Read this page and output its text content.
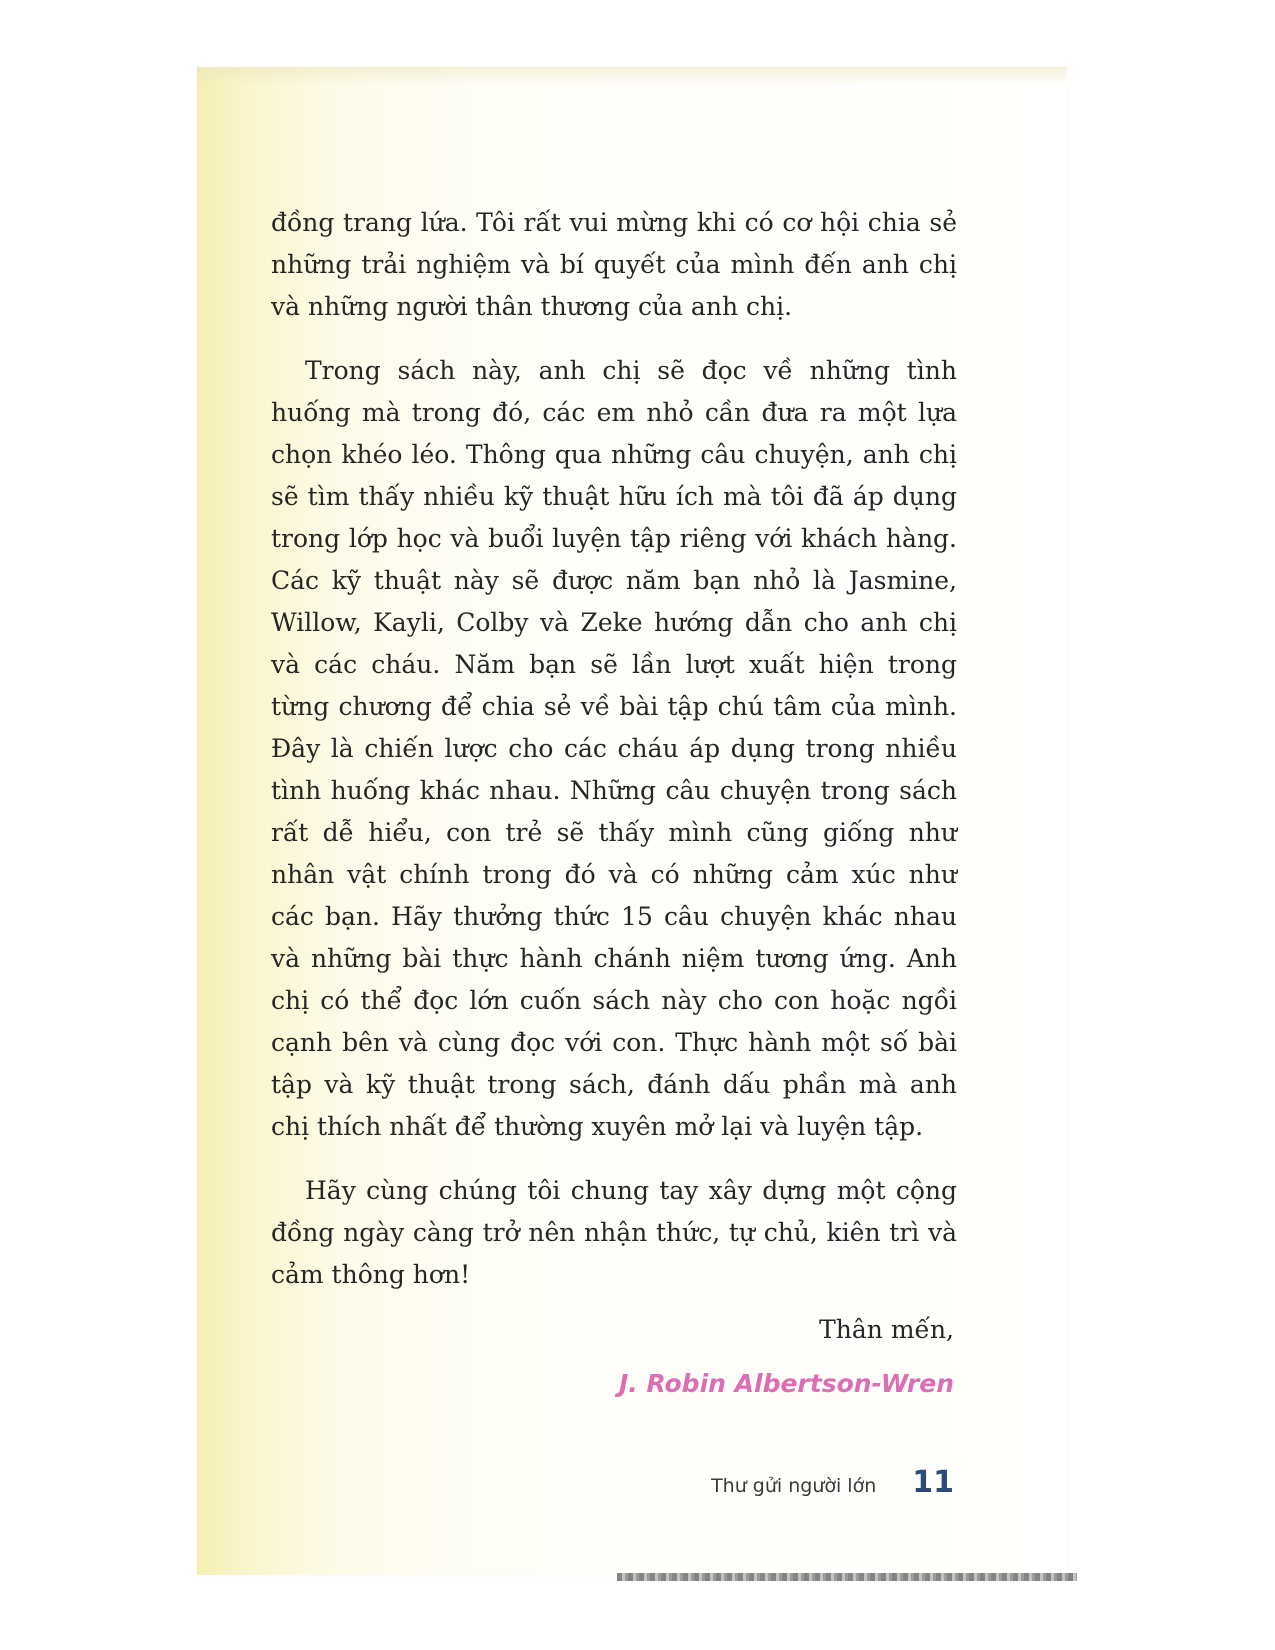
đồng trang lứa. Tôi rất vui mừng khi có cơ hội chia sẻ những trải nghiệm và bí quyết của mình đến anh chị và những người thân thương của anh chị.

Trong sách này, anh chị sẽ đọc về những tình huống mà trong đó, các em nhỏ cần đưa ra một lựa chọn khéo léo. Thông qua những câu chuyện, anh chị sẽ tìm thấy nhiều kỹ thuật hữu ích mà tôi đã áp dụng trong lớp học và buổi luyện tập riêng với khách hàng. Các kỹ thuật này sẽ được năm bạn nhỏ là Jasmine, Willow, Kayli, Colby và Zeke hướng dẫn cho anh chị và các cháu. Năm bạn sẽ lần lượt xuất hiện trong từng chương để chia sẻ về bài tập chú tâm của mình. Đây là chiến lược cho các cháu áp dụng trong nhiều tình huống khác nhau. Những câu chuyện trong sách rất dễ hiểu, con trẻ sẽ thấy mình cũng giống như nhân vật chính trong đó và có những cảm xúc như các bạn. Hãy thưởng thức 15 câu chuyện khác nhau và những bài thực hành chánh niệm tương ứng. Anh chị có thể đọc lớn cuốn sách này cho con hoặc ngồi cạnh bên và cùng đọc với con. Thực hành một số bài tập và kỹ thuật trong sách, đánh dấu phần mà anh chị thích nhất để thường xuyên mở lại và luyện tập.

Hãy cùng chúng tôi chung tay xây dựng một cộng đồng ngày càng trở nên nhận thức, tự chủ, kiên trì và cảm thông hơn!

Thân mến,
J. Robin Albertson-Wren
Thư gửi người lớn 11
